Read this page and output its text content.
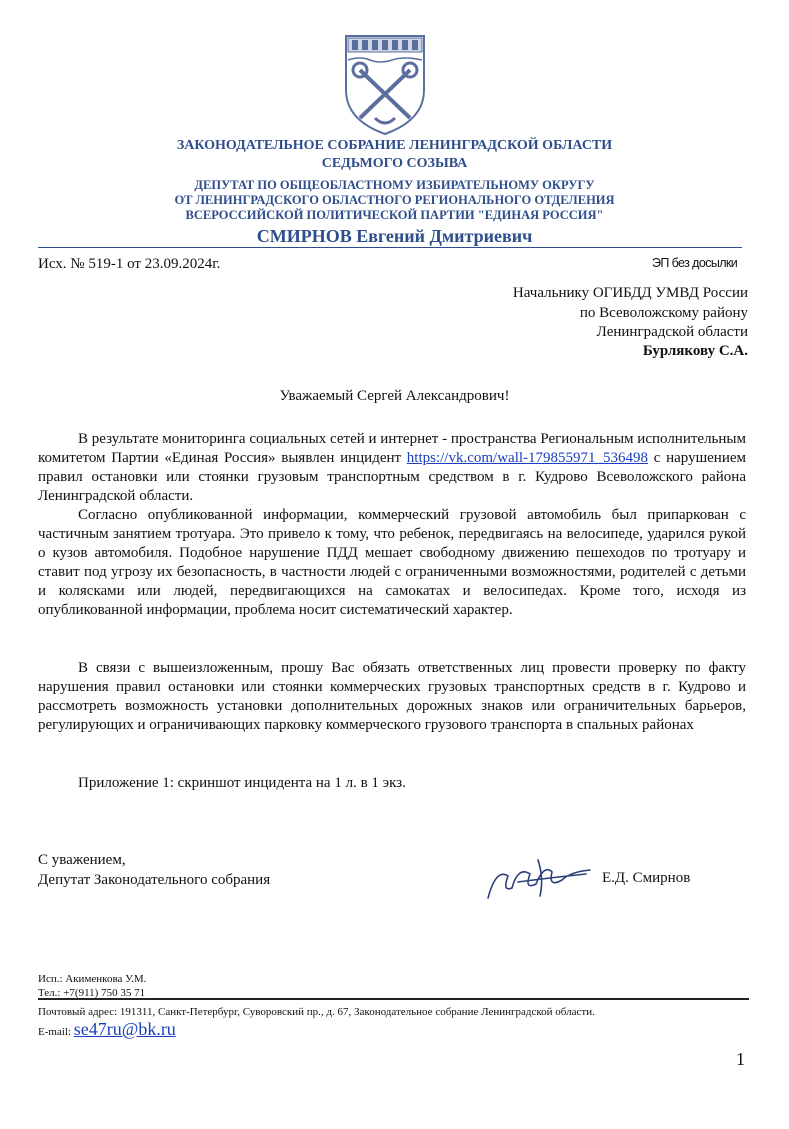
ЗАКОНОДАТЕЛЬНОЕ СОБРАНИЕ ЛЕНИНГРАДСКОЙ ОБЛАСТИ
СЕДЬМОГО СОЗЫВА
ДЕПУТАТ ПО ОБЩЕОБЛАСТНОМУ ИЗБИРАТЕЛЬНОМУ ОКРУГУ
ОТ ЛЕНИНГРАДСКОГО ОБЛАСТНОГО РЕГИОНАЛЬНОГО ОТДЕЛЕНИЯ
ВСЕРОССИЙСКОЙ ПОЛИТИЧЕСКОЙ ПАРТИИ "ЕДИНАЯ РОССИЯ"
СМИРНОВ Евгений Дмитриевич
Исх. № 519-1 от 23.09.2024г.	ЭП без досылки
Начальнику ОГИБДД УМВД России
по Всеволожскому району
Ленинградской области
Бурлякову С.А.
Уважаемый Сергей Александрович!

В результате мониторинга социальных сетей и интернет - пространства Региональным исполнительным комитетом Партии «Единая Россия» выявлен инцидент https://vk.com/wall-179855971_536498 с нарушением правил остановки или стоянки грузовым транспортным средством в г. Кудрово Всеволожского района Ленинградской области.

Согласно опубликованной информации, коммерческий грузовой автомобиль был припаркован с частичным занятием тротуара. Это привело к тому, что ребенок, передвигаясь на велосипеде, ударился рукой о кузов автомобиля. Подобное нарушение ПДД мешает свободному движению пешеходов по тротуару и ставит под угрозу их безопасность, в частности людей с ограниченными возможностями, родителей с детьми и колясками или людей, передвигающихся на самокатах и велосипедах. Кроме того, исходя из опубликованной информации, проблема носит систематический характер.

В связи с вышеизложенным, прошу Вас обязать ответственных лиц провести проверку по факту нарушения правил остановки или стоянки коммерческих грузовых транспортных средств в г. Кудрово и рассмотреть возможность установки дополнительных дорожных знаков или ограничительных барьеров, регулирующих и ограничивающих парковку коммерческого грузового транспорта в спальных районах

Приложение 1: скриншот инцидента на 1 л. в 1 экз.
С уважением,
Депутат Законодательного собрания	Е.Д. Смирнов
Исп.: Акименкова У.М.
Тел.: +7(911) 750 35 71
Почтовый адрес: 191311, Санкт-Петербург, Суворовский пр., д. 67, Законодательное собрание Ленинградской области.
E-mail: se47ru@bk.ru
1
